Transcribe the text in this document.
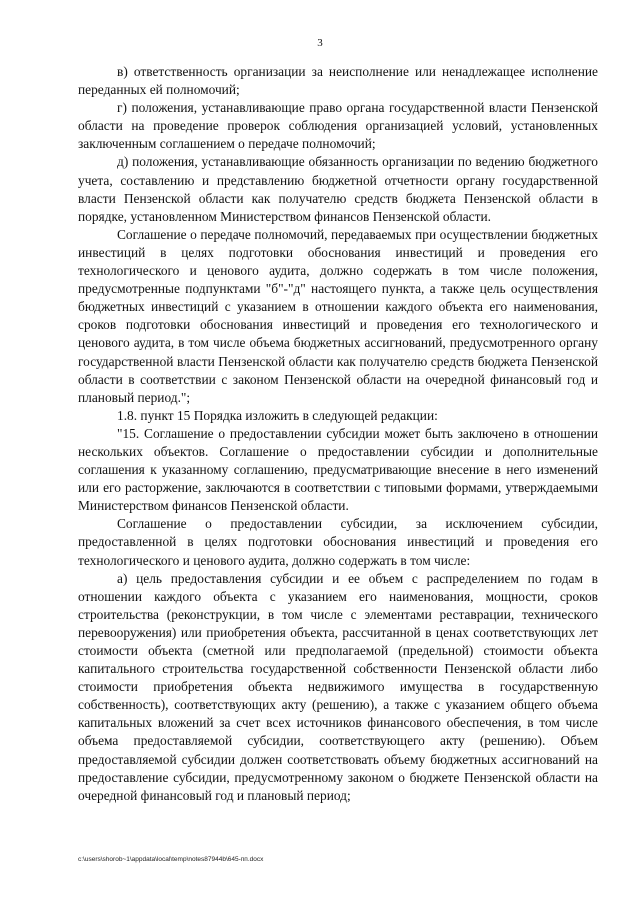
3

в) ответственность организации за неисполнение или ненадлежащее исполнение переданных ей полномочий;

г) положения, устанавливающие право органа государственной власти Пензенской области на проведение проверок соблюдения организацией условий, установленных заключенным соглашением о передаче полномочий;

д) положения, устанавливающие обязанность организации по ведению бюджетного учета, составлению и представлению бюджетной отчетности органу государственной власти Пензенской области как получателю средств бюджета Пензенской области в порядке, установленном Министерством финансов Пензенской области.

Соглашение о передаче полномочий, передаваемых при осуществлении бюджетных инвестиций в целях подготовки обоснования инвестиций и проведения его технологического и ценового аудита, должно содержать в том числе положения, предусмотренные подпунктами "б"-"д" настоящего пункта, а также цель осуществления бюджетных инвестиций с указанием в отношении каждого объекта его наименования, сроков подготовки обоснования инвестиций и проведения его технологического и ценового аудита, в том числе объема бюджетных ассигнований, предусмотренного органу государственной власти Пензенской области как получателю средств бюджета Пензенской области в соответствии с законом Пензенской области на очередной финансовый год и плановый период.";

1.8. пункт 15 Порядка изложить в следующей редакции:

"15. Соглашение о предоставлении субсидии может быть заключено в отношении нескольких объектов. Соглашение о предоставлении субсидии и дополнительные соглашения к указанному соглашению, предусматривающие внесение в него изменений или его расторжение, заключаются в соответствии с типовыми формами, утверждаемыми Министерством финансов Пензенской области.

Соглашение о предоставлении субсидии, за исключением субсидии, предоставленной в целях подготовки обоснования инвестиций и проведения его технологического и ценового аудита, должно содержать в том числе:

а) цель предоставления субсидии и ее объем с распределением по годам в отношении каждого объекта с указанием его наименования, мощности, сроков строительства (реконструкции, в том числе с элементами реставрации, технического перевооружения) или приобретения объекта, рассчитанной в ценах соответствующих лет стоимости объекта (сметной или предполагаемой (предельной) стоимости объекта капитального строительства государственной собственности Пензенской области либо стоимости приобретения объекта недвижимого имущества в государственную собственность), соответствующих акту (решению), а также с указанием общего объема капитальных вложений за счет всех источников финансового обеспечения, в том числе объема предоставляемой субсидии, соответствующего акту (решению). Объем предоставляемой субсидии должен соответствовать объему бюджетных ассигнований на предоставление субсидии, предусмотренному законом о бюджете Пензенской области на очередной финансовый год и плановый период;

c:\users\shorob~1\appdata\local\temp\notes87944b\645-пп.docx
